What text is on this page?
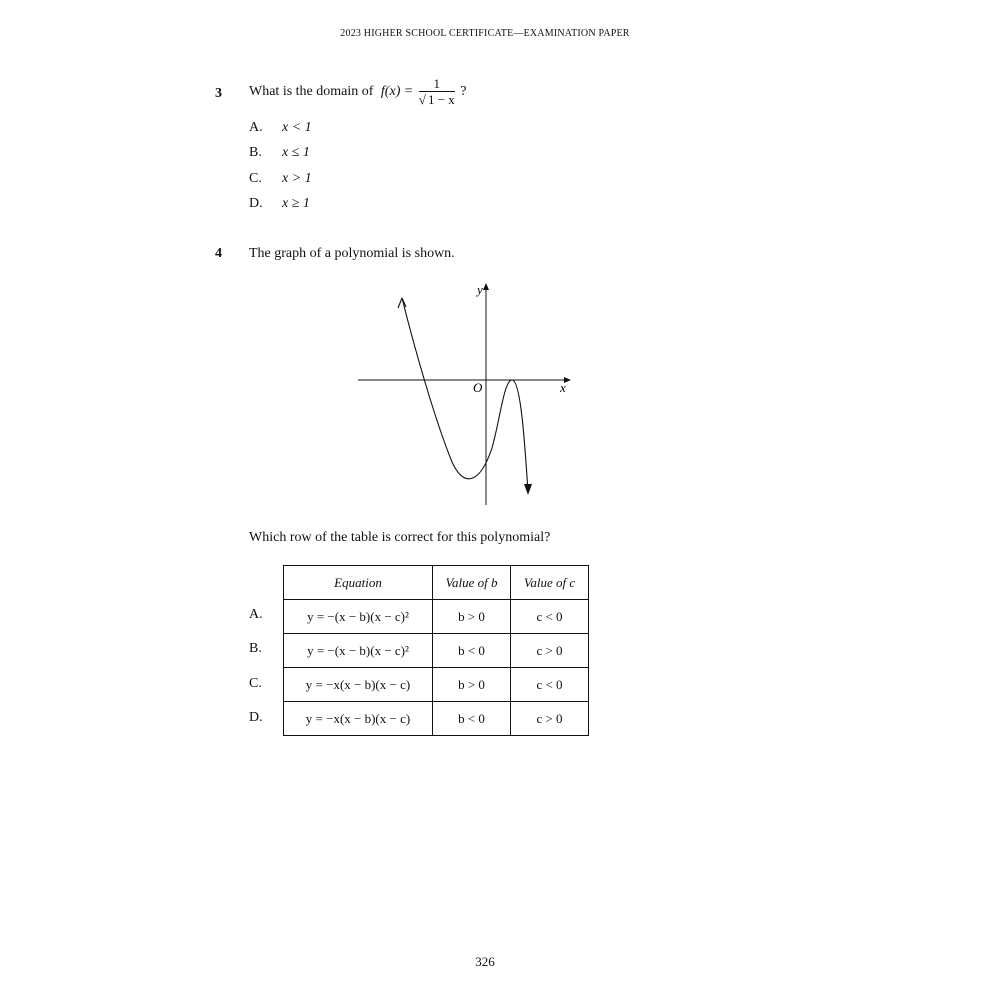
2023 HIGHER SCHOOL CERTIFICATE—EXAMINATION PAPER
3 What is the domain of $f(x) = \frac{1}{√ 1 - x}$ ?
A. x < 1
B. x ≤ 1
C. x > 1
D. x ≥ 1
4 The graph of a polynomial is shown.
y
x
O
Which row of the table is correct for this polynomial?
Equation	Value of b	Value of c
y = −(x − b)(x − c)²	b > 0	c < 0
y = −(x − b)(x − c)²	b < 0	c > 0
y = −x(x − b)(x − c)	b > 0	c < 0
y = −x(x − b)(x − c)	b < 0	c > 0
A.
B.
C.
D.
326
